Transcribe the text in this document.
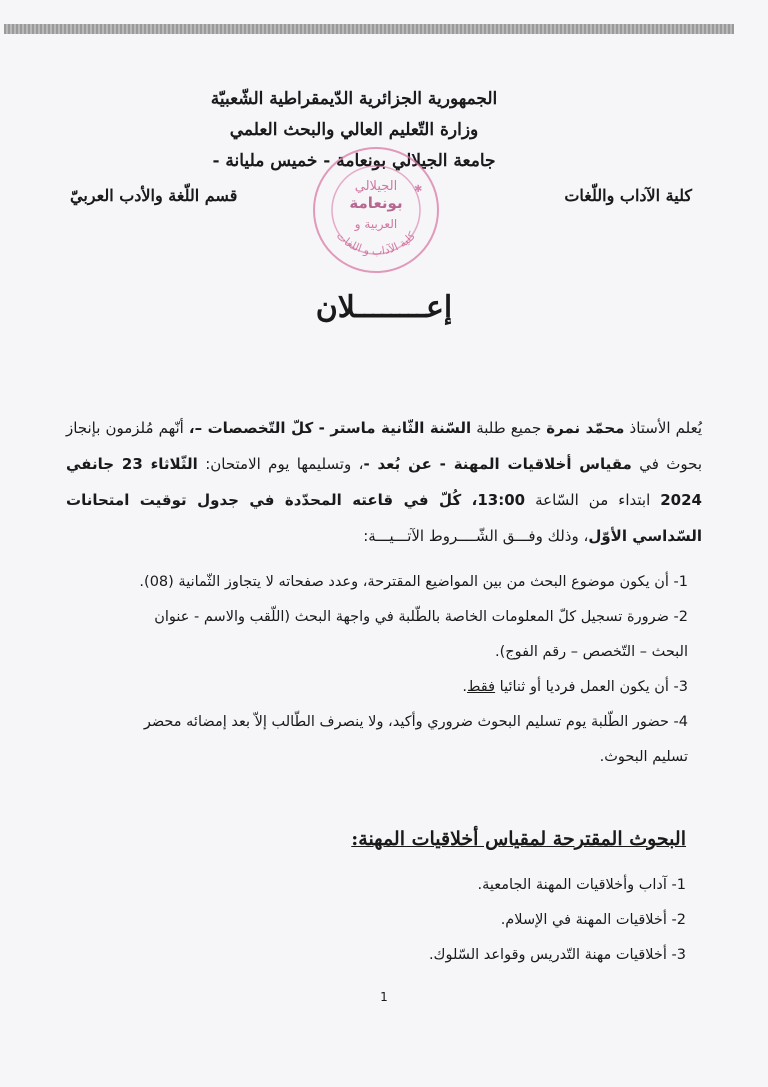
الجمهورية الجزائرية الدّيمقراطية الشّعبيّة
وزارة التّعليم العالي والبحث العلمي
جامعة الجيلالي بونعامة - خميس مليانة -
كلية الآداب واللّغات
قسم اللّغة والأدب العربيّ	الجيلالي
بونعامة
العربية و
كلية الآداب و اللغات
✱
إعــــــــلان
يُعلم الأستاذ محمّد نمرة جميع طلبة السّنة الثّانية ماستر - كلّ التّخصصات –، أنّهم مُلزمون بإنجاز بحوث في مقياس أخلاقيات المهنة - عن بُعد -، وتسليمها يوم الامتحان: الثّلاثاء 23 جانفي 2024 ابتداء من السّاعة 13:00، كُلّ في قاعته المحدّدة في جدول توقيت امتحانات السّداسي الأوّل، وذلك وفـــق الشّــــروط الآتـــيـــة:

1- أن يكون موضوع البحث من بين المواضيع المقترحة، وعدد صفحاته لا يتجاوز الثّمانية (08).

2- ضرورة تسجيل كلّ المعلومات الخاصة بالطّلبة في واجهة البحث (اللّقب والاسم - عنوان البحث – التّخصص – رقم الفوج).

3- أن يكون العمل فرديا أو ثنائيا فقط.

4- حضور الطّلبة يوم تسليم البحوث ضروري وأكيد، ولا ينصرف الطّالب إلاّ بعد إمضائه محضر تسليم البحوث.

البحوث المقترحة لمقياس أخلاقيات المهنة:

1- آداب وأخلاقيات المهنة الجامعية.

2- أخلاقيات المهنة في الإسلام.

3- أخلاقيات مهنة التّدريس وقواعد السّلوك.

1
